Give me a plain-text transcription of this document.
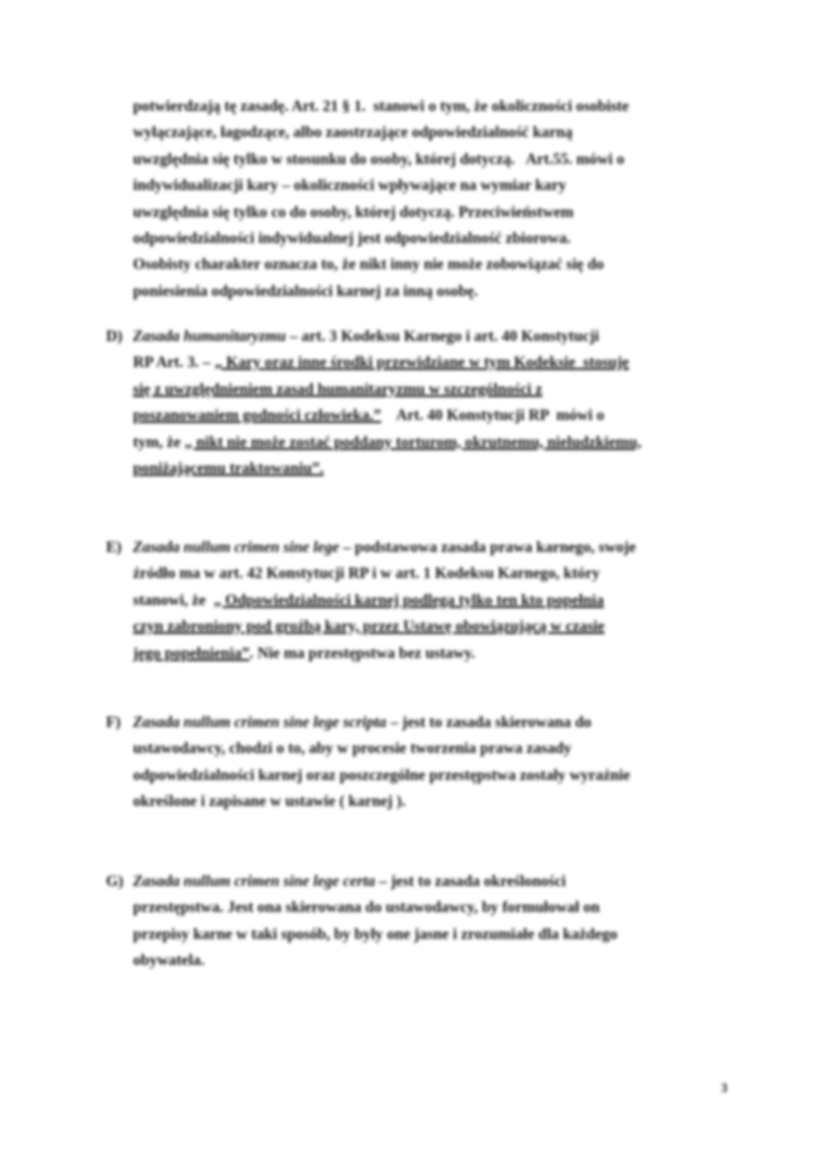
potwierdzają tę zasadę. Art. 21 § 1.  stanowi o tym, że okoliczności osobiste
wyłączające, łagodzące, albo zaostrzające odpowiedzialność karną
uwzględnia się tylko w stosunku do osoby, której dotyczą.   Art.55. mówi o
indywidualizacji kary – okoliczności wpływające na wymiar kary
uwzględnia się tylko co do osoby, której dotyczą. Przeciwieństwem
odpowiedzialności indywidualnej jest odpowiedzialność zbiorowa.
Osobisty charakter oznacza to, że nikt inny nie może zobowiązać się do
poniesienia odpowiedzialności karnej za inną osobę.
D) Zasada humanitaryzmu – art. 3 Kodeksu Karnego i art. 40 Konstytucji
RP Art. 3. – „ Kary oraz inne środki przewidziane w tym Kodeksie  stosuje
się z uwzględnieniem zasad humanitaryzmu w szczególności z
poszanowaniem godności człowieka.”    Art. 40 Konstytucji RP  mówi o
tym, że „ nikt nie może zostać poddany torturom, okrutnemu, nieludzkiemu,
poniżającemu traktowaniu”.
E) Zasada nullum crimen sine lege – podstawowa zasada prawa karnego, swoje
źródło ma w art. 42 Konstytucji RP i w art. 1 Kodeksu Karnego, który
stanowi, że  „ Odpowiedzialności karnej podlega tylko ten kto popełnia
czyn zabroniony pod groźbą kary, przez Ustawę obowiązującą w czasie
jego popełnienia”. Nie ma przestępstwa bez ustawy.
F) Zasada nullum crimen sine lege scripta – jest to zasada skierowana do
ustawodawcy, chodzi o to, aby w procesie tworzenia prawa zasady
odpowiedzialności karnej oraz poszczególne przestępstwa zostały wyraźnie
określone i zapisane w ustawie ( karnej ).
G) Zasada nullum crimen sine lege certa – jest to zasada określoności
przestępstwa. Jest ona skierowana do ustawodawcy, by formułował on
przepisy karne w taki sposób, by były one jasne i zrozumiałe dla każdego
obywatela.
3
